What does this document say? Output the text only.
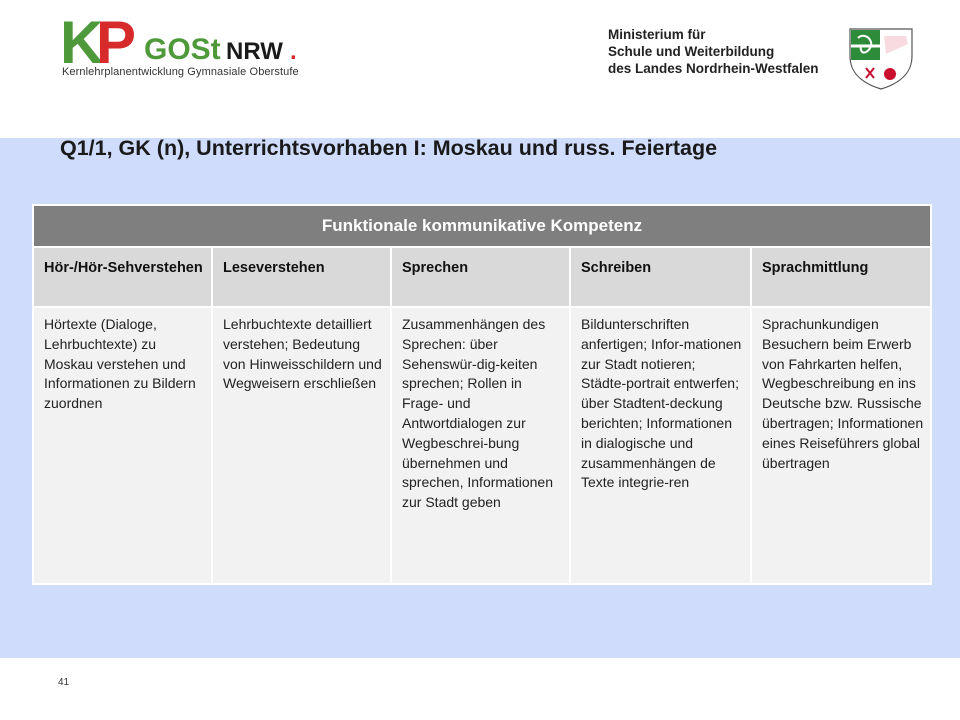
K
P GOSt NRW .
Kernlehrplanentwicklung Gymnasiale Oberstufe
Ministerium für
Schule und Weiterbildung
des Landes Nordrhein-Westfalen
Q1/1, GK (n), Unterrichtsvorhaben I: Moskau und russ. Feiertage
Funktionale kommunikative Kompetenz				
Hör-/Hör-Sehverstehen	Leseverstehen	Sprechen	Schreiben	Sprachmittlung
Hörtexte (Dialoge, Lehrbuchtexte) zu Moskau verstehen und Informationen zu Bildern zuordnen	Lehrbuchtexte detailliert verstehen; Bedeutung von Hinweisschildern und Wegweisern erschließen	Zusammenhängen des Sprechen: über Sehenswür-dig-keiten sprechen; Rollen in Frage- und Antwortdialogen zur Wegbeschrei-bung übernehmen und sprechen, Informationen zur Stadt geben	Bildunterschriften anfertigen; Infor-mationen zur Stadt notieren; Städte-portrait entwerfen; über Stadtent-deckung berichten; Informationen in dialogische und zusammenhängen de Texte integrie-ren	Sprachunkundigen Besuchern beim Erwerb von Fahrkarten helfen, Wegbeschreibung en ins Deutsche bzw. Russische übertragen; Informationen eines Reiseführers global übertragen
41
